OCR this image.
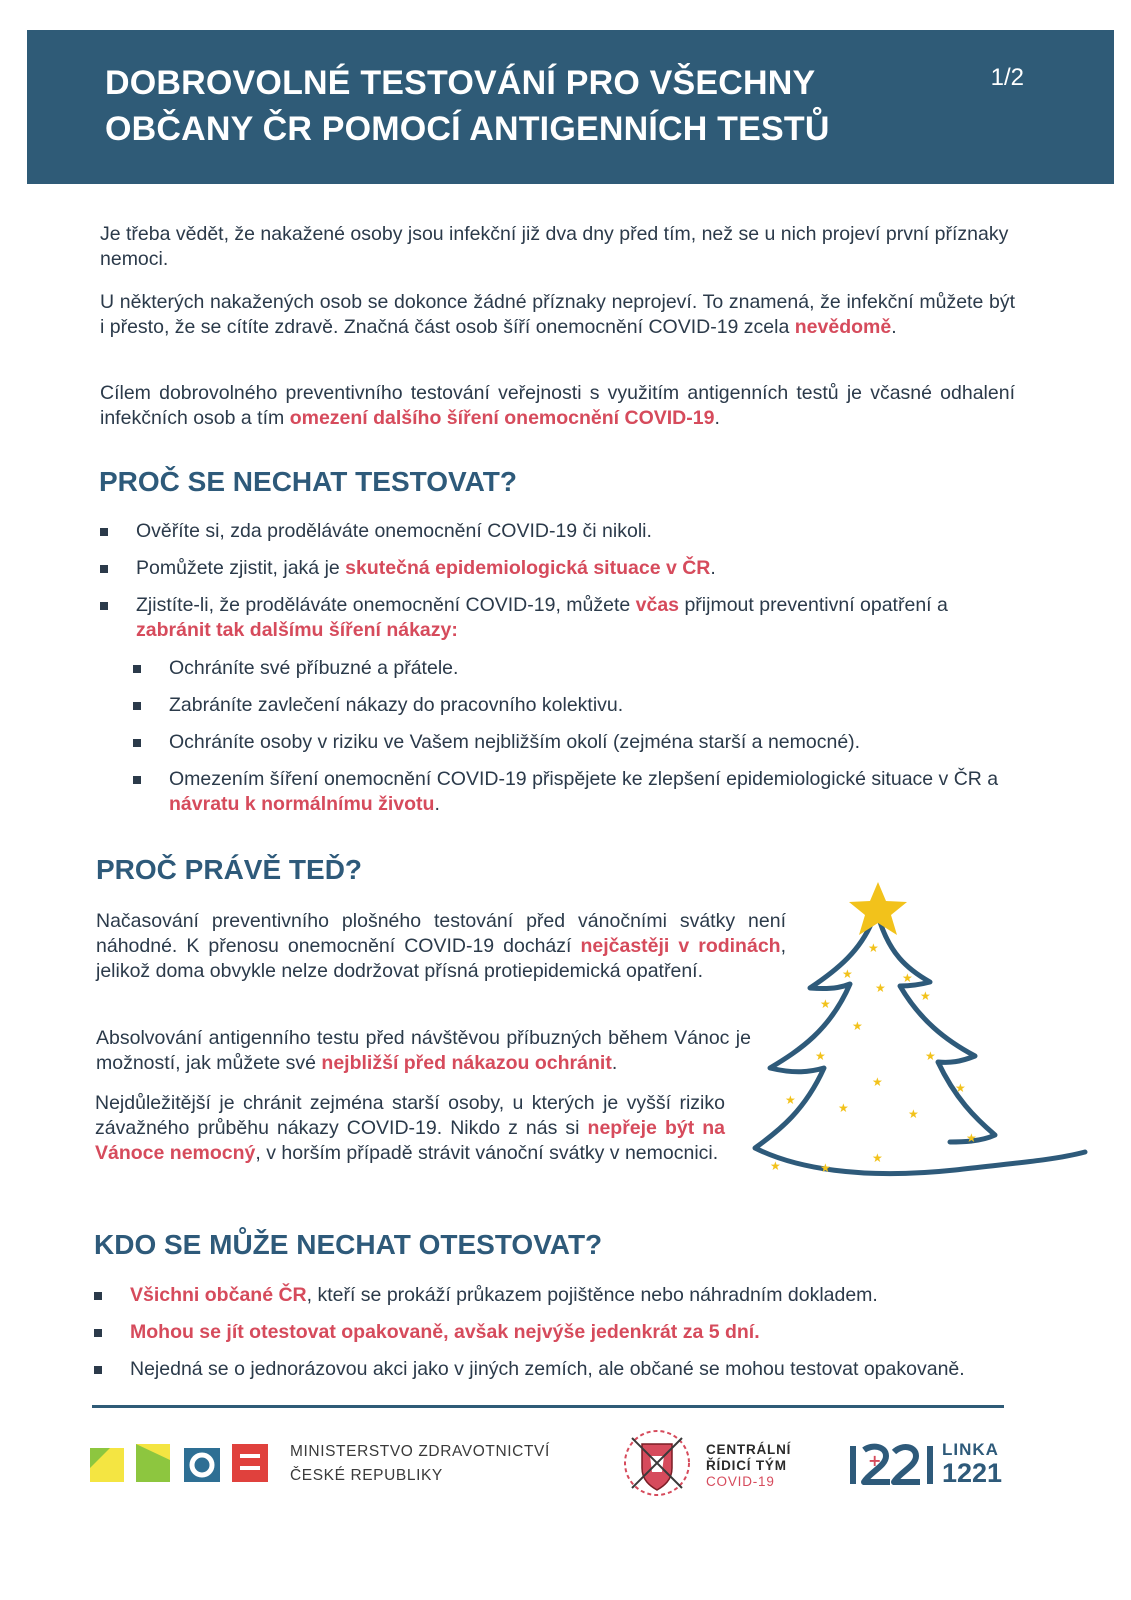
DOBROVOLNÉ TESTOVÁNÍ PRO VŠECHNY
OBČANY ČR POMOCÍ ANTIGENNÍCH TESTŮ
1/2

Je třeba vědět, že nakažené osoby jsou infekční již dva dny před tím, než se u nich projeví první příznaky nemoci.

U některých nakažených osob se dokonce žádné příznaky neprojeví. To znamená, že infekční můžete být i přesto, že se cítíte zdravě. Značná část osob šíří onemocnění COVID-19 zcela nevědomě.

Cílem dobrovolného preventivního testování veřejnosti s využitím antigenních testů je včasné odhalení infekčních osob a tím omezení dalšího šíření onemocnění COVID-19.

PROČ SE NECHAT TESTOVAT?
Ověříte si, zda proděláváte onemocnění COVID-19 či nikoli.
Pomůžete zjistit, jaká je skutečná epidemiologická situace v ČR.
Zjistíte-li, že proděláváte onemocnění COVID-19, můžete včas přijmout preventivní opatření a zabránit tak dalšímu šíření nákazy:
Ochráníte své příbuzné a přátele.
Zabráníte zavlečení nákazy do pracovního kolektivu.
Ochráníte osoby v riziku ve Vašem nejbližším okolí (zejména starší a nemocné).
Omezením šíření onemocnění COVID-19 přispějete ke zlepšení epidemiologické situace v ČR a návratu k normálnímu životu.
PROČ PRÁVĚ TEĎ?

Načasování preventivního plošného testování před vánočními svátky není náhodné. K přenosu onemocnění COVID-19 dochází nejčastěji v rodinách, jelikož doma obvykle nelze dodržovat přísná protiepidemická opatření.

Absolvování antigenního testu před návštěvou příbuzných během Vánoc je možností, jak můžete své nejbližší před nákazou ochránit.

Nejdůležitější je chránit zejména starší osoby, u kterých je vyšší riziko závažného průběhu nákazy COVID-19. Nikdo z nás si nepřeje být na Vánoce nemocný, v horším případě strávit vánoční svátky v nemocnici.

★
★
★
★
★
★
★
★	★
★
★
★
★
★
★
★	★
★
KDO SE MŮŽE NECHAT OTESTOVAT?
Všichni občané ČR, kteří se prokáží průkazem pojištěnce nebo náhradním dokladem.
Mohou se jít otestovat opakovaně, avšak nejvýše jedenkrát za 5 dní.
Nejedná se o jednorázovou akci jako v jiných zemích, ale občané se mohou testovat opakovaně.
MINISTERSTVO ZDRAVOTNICTVÍ
ČESKÉ REPUBLIKY
CENTRÁLNÍ
ŘÍDICÍ TÝM
COVID-19
+
LINKA
1221
